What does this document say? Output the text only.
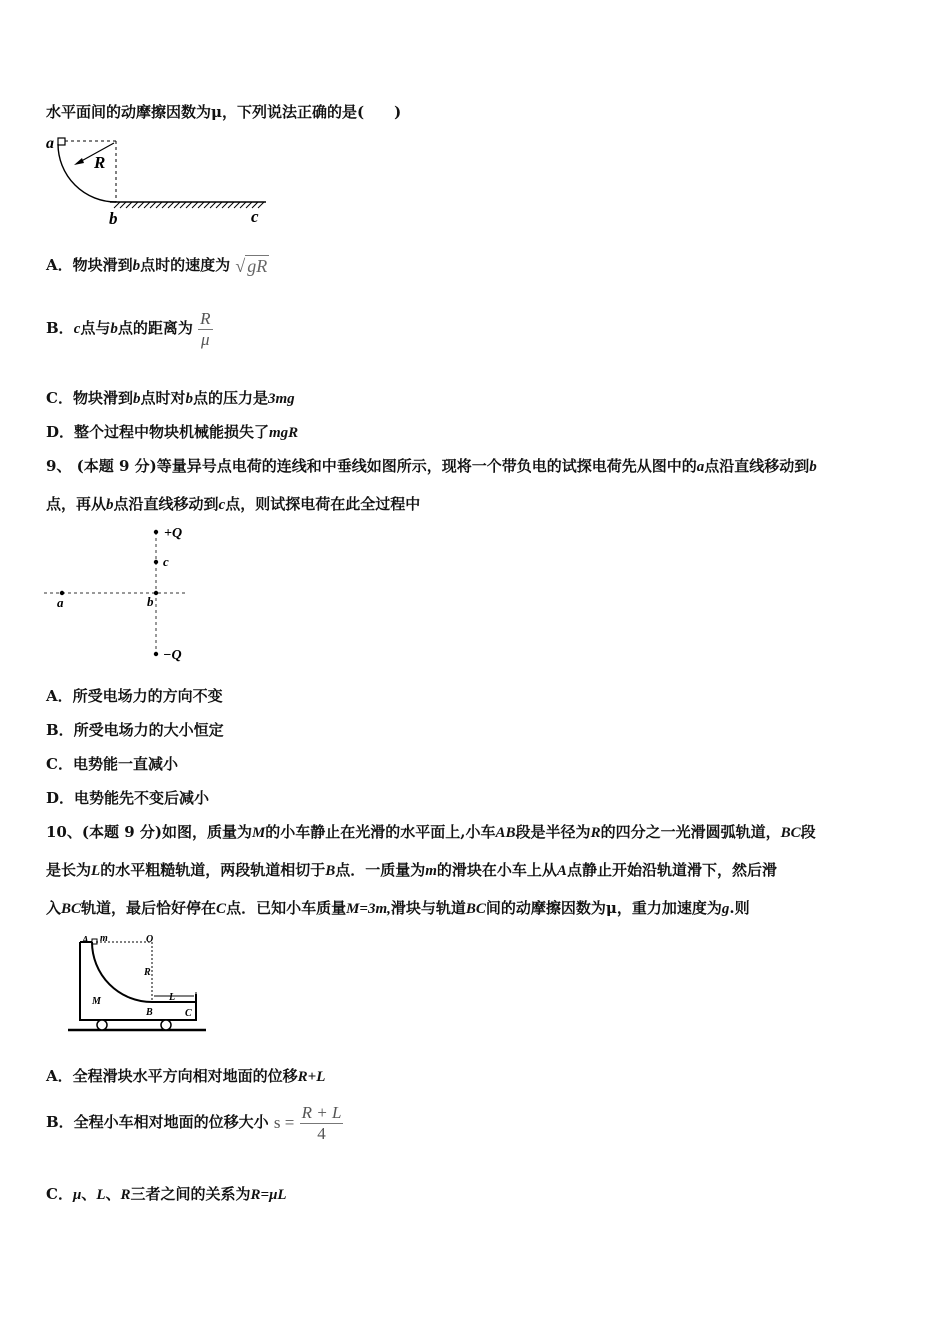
水平面间的动摩擦因数为μ，下列说法正确的是(　　)
a
R
b	c
A．物块滑到b点时的速度为 √ gR
B．c点与b点的距离为 $\frac{R}{\mu}$
C．物块滑到b点时对b点的压力是3mg
D．整个过程中物块机械能损失了mgR
9、 (本题 9 分)等量异号点电荷的连线和中垂线如图所示，现将一个带负电的试探电荷先从图中的a点沿直线移动到b
点，再从b点沿直线移动到c点，则试探电荷在此全过程中
+Q
c
b
a
−Q
A．所受电场力的方向不变
B．所受电场力的大小恒定
C．电势能一直减小
D．电势能先不变后减小
10、(本题 9 分)如图，质量为M的小车静止在光滑的水平面上,小车AB段是半径为R的四分之一光滑圆弧轨道，BC段
是长为L的水平粗糙轨道，两段轨道相切于B点．一质量为m的滑块在小车上从A点静止开始沿轨道滑下，然后滑
入BC轨道，最后恰好停在C点．已知小车质量M=3m,滑块与轨道BC间的动摩擦因数为μ，重力加速度为g.则
A m	O
R
M	L
B	C
A．全程滑块水平方向相对地面的位移R+L
B．全程小车相对地面的位移大小 $s = \frac{R + L}{4}$
C．μ、L、R三者之间的关系为R=μL
